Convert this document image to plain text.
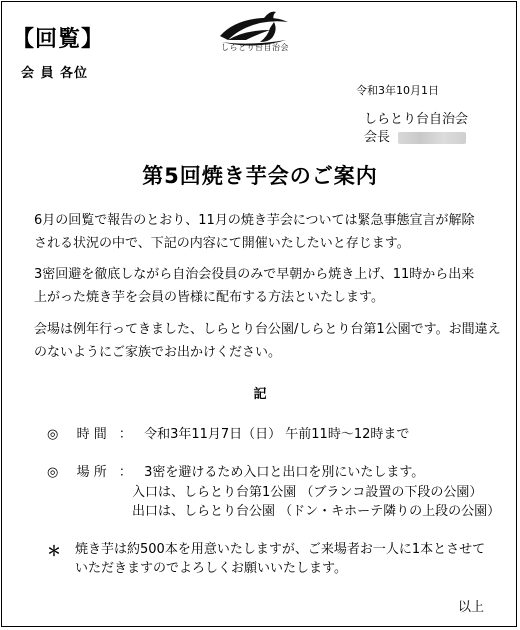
【回覧】	しらとり台自治会
会 員 各位
令和3年10月1日
しらとり台自治会
会長
第5回焼き芋会のご案内
6月の回覧で報告のとおり、11月の焼き芋会については緊急事態宣言が解除
される状況の中で、下記の内容にて開催いたしたいと存じます。
3密回避を徹底しながら自治会役員のみで早朝から焼き上げ、11時から出来
上がった焼き芋を会員の皆様に配布する方法といたします。
会場は例年行ってきました、しらとり台公園/しらとり台第1公園です。お間違え
のないようにご家族でお出かけください。
記
◎ 時 間 ： 令和3年11月7日（日） 午前11時～12時まで
◎ 場 所 ： 3密を避けるため入口と出口を別にいたします。
入口は、しらとり台第1公園 （ブランコ設置の下段の公園）
出口は、しらとり台公園 （ドン・キホーテ隣りの上段の公園）
＊ 焼き芋は約500本を用意いたしますが、ご来場者お一人に1本とさせて
いただきますのでよろしくお願いいたします。
以上
